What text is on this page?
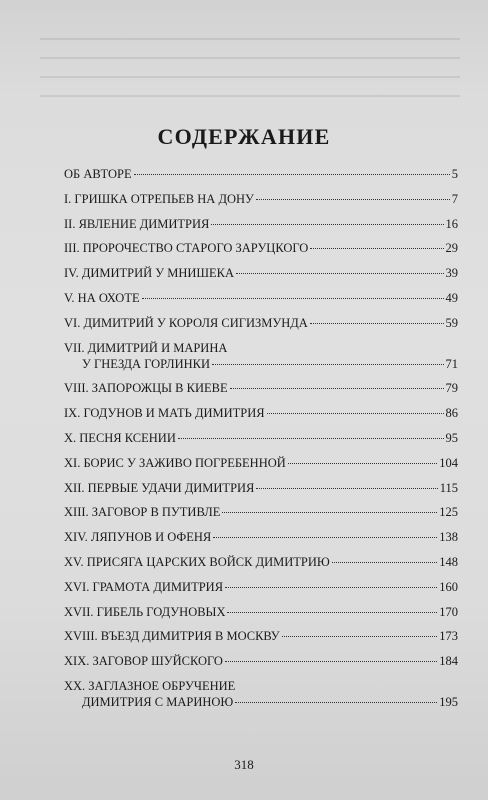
СОДЕРЖАНИЕ
ОБ АВТОРЕ	5
I. ГРИШКА ОТРЕПЬЕВ НА ДОНУ	7
II. ЯВЛЕНИЕ ДИМИТРИЯ	16
III. ПРОРОЧЕСТВО СТАРОГО ЗАРУЦКОГО	29
IV. ДИМИТРИЙ У МНИШЕКА	39
V. НА ОХОТЕ	49
VI. ДИМИТРИЙ У КОРОЛЯ СИГИЗМУНДА	59
VII. ДИМИТРИЙ И МАРИНА
У ГНЕЗДА ГОРЛИНКИ	71
VIII. ЗАПОРОЖЦЫ В КИЕВЕ	79
IX. ГОДУНОВ И МАТЬ ДИМИТРИЯ	86
X. ПЕСНЯ КСЕНИИ	95
XI. БОРИС У ЗАЖИВО ПОГРЕБЕННОЙ	104
XII. ПЕРВЫЕ УДАЧИ ДИМИТРИЯ	115
XIII. ЗАГОВОР В ПУТИВЛЕ	125
XIV. ЛЯПУНОВ И ОФЕНЯ	138
XV. ПРИСЯГА ЦАРСКИХ ВОЙСК ДИМИТРИЮ	148
XVI. ГРАМОТА ДИМИТРИЯ	160
XVII. ГИБЕЛЬ ГОДУНОВЫХ	170
XVIII. ВЪЕЗД ДИМИТРИЯ В МОСКВУ	173
XIX. ЗАГОВОР ШУЙСКОГО	184
XX. ЗАГЛАЗНОЕ ОБРУЧЕНИЕ
ДИМИТРИЯ С МАРИНОЮ	195
318
